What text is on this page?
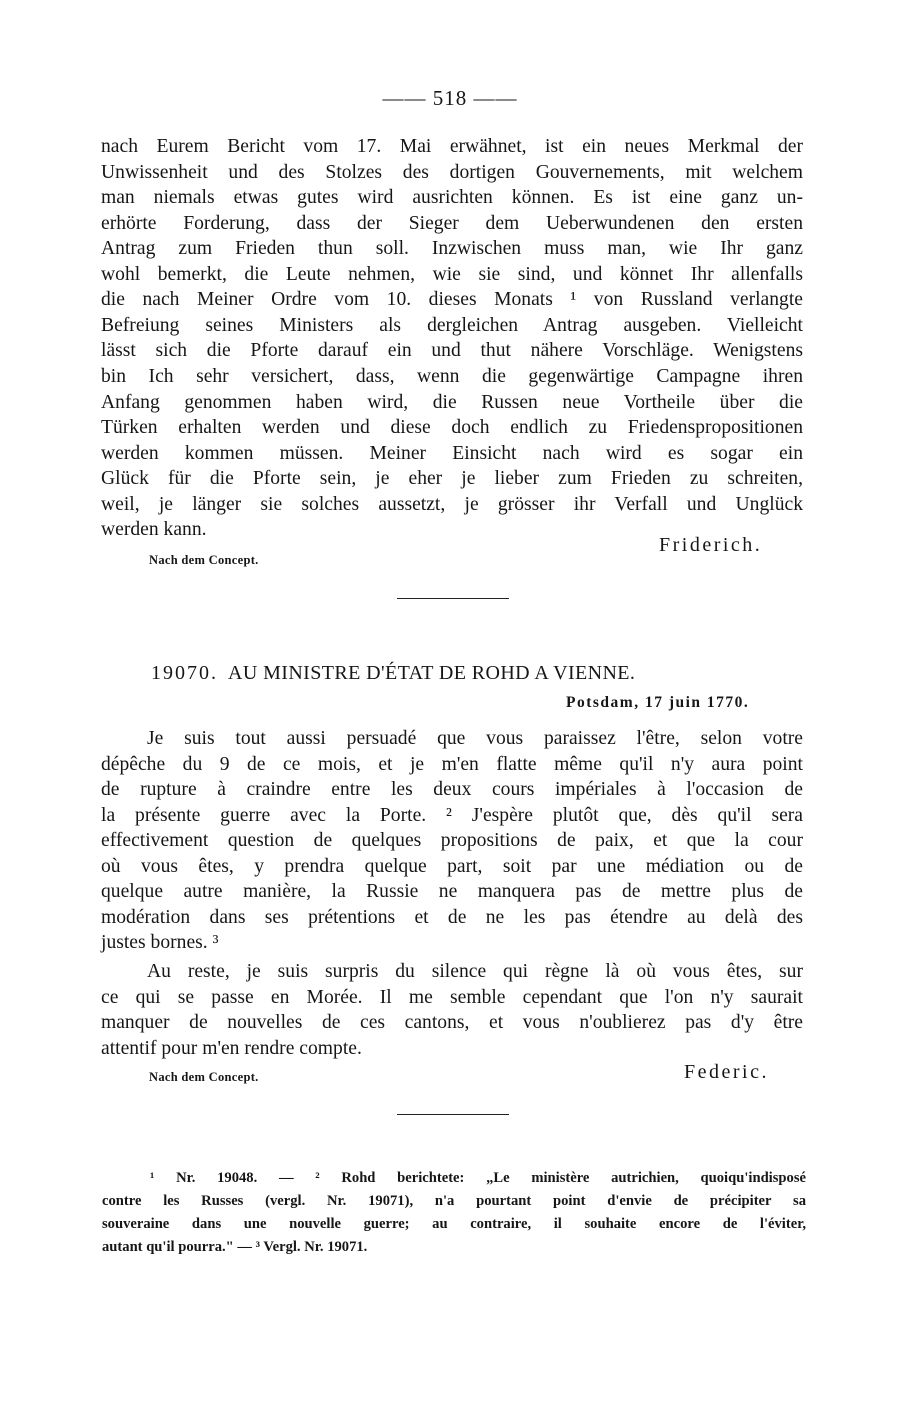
—— 518 ——
nach Eurem Bericht vom 17. Mai erwähnet, ist ein neues Merkmal der
Unwissenheit und des Stolzes des dortigen Gouvernements, mit welchem
man niemals etwas gutes wird ausrichten können. Es ist eine ganz un-
erhörte Forderung, dass der Sieger dem Ueberwundenen den ersten
Antrag zum Frieden thun soll. Inzwischen muss man, wie Ihr ganz
wohl bemerkt, die Leute nehmen, wie sie sind, und könnet Ihr allenfalls
die nach Meiner Ordre vom 10. dieses Monats ¹ von Russland verlangte
Befreiung seines Ministers als dergleichen Antrag ausgeben. Vielleicht
lässt sich die Pforte darauf ein und thut nähere Vorschläge. Wenigstens
bin Ich sehr versichert, dass, wenn die gegenwärtige Campagne ihren
Anfang genommen haben wird, die Russen neue Vortheile über die
Türken erhalten werden und diese doch endlich zu Friedenspropositionen
werden kommen müssen. Meiner Einsicht nach wird es sogar ein
Glück für die Pforte sein, je eher je lieber zum Frieden zu schreiten,
weil, je länger sie solches aussetzt, je grösser ihr Verfall und Unglück
werden kann.
Friderich.
Nach dem Concept.
19070. AU MINISTRE D'ÉTAT DE ROHD A VIENNE.
Potsdam, 17 juin 1770.
Je suis tout aussi persuadé que vous paraissez l'être, selon votre
dépêche du 9 de ce mois, et je m'en flatte même qu'il n'y aura point
de rupture à craindre entre les deux cours impériales à l'occasion de
la présente guerre avec la Porte. ² J'espère plutôt que, dès qu'il sera
effectivement question de quelques propositions de paix, et que la cour
où vous êtes, y prendra quelque part, soit par une médiation ou de
quelque autre manière, la Russie ne manquera pas de mettre plus de
modération dans ses prétentions et de ne les pas étendre au delà des
justes bornes. ³
Au reste, je suis surpris du silence qui règne là où vous êtes, sur
ce qui se passe en Morée. Il me semble cependant que l'on n'y saurait
manquer de nouvelles de ces cantons, et vous n'oublierez pas d'y être
attentif pour m'en rendre compte.
Federic.
Nach dem Concept.
¹ Nr. 19048. — ² Rohd berichtete: „Le ministère autrichien, quoiqu'indisposé
contre les Russes (vergl. Nr. 19071), n'a pourtant point d'envie de précipiter sa
souveraine dans une nouvelle guerre; au contraire, il souhaite encore de l'éviter,
autant qu'il pourra." — ³ Vergl. Nr. 19071.
